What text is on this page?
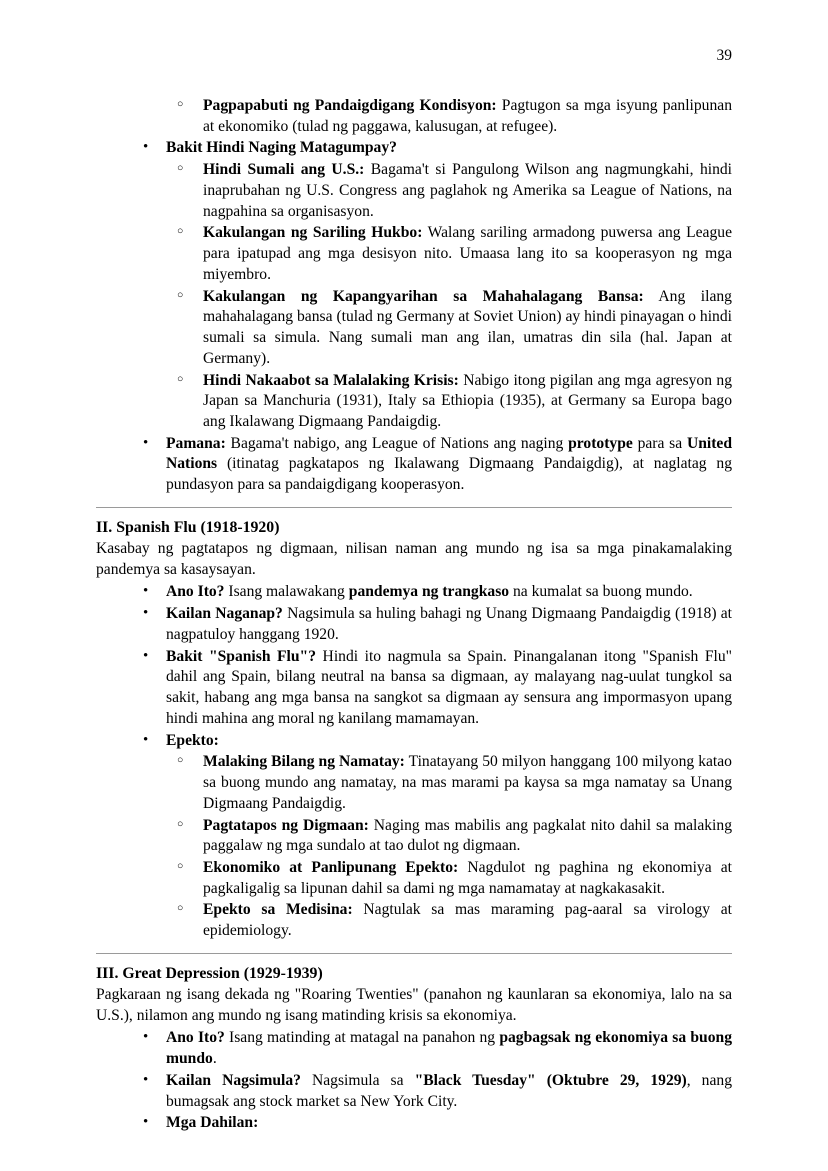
39
○ Pagpapabuti ng Pandaigdigang Kondisyon: Pagtugon sa mga isyung panlipunan at ekonomiko (tulad ng paggawa, kalusugan, at refugee).
• Bakit Hindi Naging Matagumpay?
○ Hindi Sumali ang U.S.: Bagama't si Pangulong Wilson ang nagmungkahi, hindi inaprubahan ng U.S. Congress ang paglahok ng Amerika sa League of Nations, na nagpahina sa organisasyon.
○ Kakulangan ng Sariling Hukbo: Walang sariling armadong puwersa ang League para ipatupad ang mga desisyon nito. Umaasa lang ito sa kooperasyon ng mga miyembro.
○ Kakulangan ng Kapangyarihan sa Mahahalagang Bansa: Ang ilang mahahalagang bansa (tulad ng Germany at Soviet Union) ay hindi pinayagan o hindi sumali sa simula. Nang sumali man ang ilan, umatras din sila (hal. Japan at Germany).
○ Hindi Nakaabot sa Malalaking Krisis: Nabigo itong pigilan ang mga agresyon ng Japan sa Manchuria (1931), Italy sa Ethiopia (1935), at Germany sa Europa bago ang Ikalawang Digmaang Pandaigdig.
• Pamana: Bagama't nabigo, ang League of Nations ang naging prototype para sa United Nations (itinatag pagkatapos ng Ikalawang Digmaang Pandaigdig), at naglatag ng pundasyon para sa pandaigdigang kooperasyon.
II. Spanish Flu (1918-1920)

Kasabay ng pagtatapos ng digmaan, nilisan naman ang mundo ng isa sa mga pinakamalaking pandemya sa kasaysayan.

• Ano Ito? Isang malawakang pandemya ng trangkaso na kumalat sa buong mundo.
• Kailan Naganap? Nagsimula sa huling bahagi ng Unang Digmaang Pandaigdig (1918) at nagpatuloy hanggang 1920.
• Bakit "Spanish Flu"? Hindi ito nagmula sa Spain. Pinangalanan itong "Spanish Flu" dahil ang Spain, bilang neutral na bansa sa digmaan, ay malayang nag-uulat tungkol sa sakit, habang ang mga bansa na sangkot sa digmaan ay sensura ang impormasyon upang hindi mahina ang moral ng kanilang mamamayan.
• Epekto:
○ Malaking Bilang ng Namatay: Tinatayang 50 milyon hanggang 100 milyong katao sa buong mundo ang namatay, na mas marami pa kaysa sa mga namatay sa Unang Digmaang Pandaigdig.
○ Pagtatapos ng Digmaan: Naging mas mabilis ang pagkalat nito dahil sa malaking paggalaw ng mga sundalo at tao dulot ng digmaan.
○ Ekonomiko at Panlipunang Epekto: Nagdulot ng paghina ng ekonomiya at pagkaligalig sa lipunan dahil sa dami ng mga namamatay at nagkakasakit.
○ Epekto sa Medisina: Nagtulak sa mas maraming pag-aaral sa virology at epidemiology.
III. Great Depression (1929-1939)

Pagkaraan ng isang dekada ng "Roaring Twenties" (panahon ng kaunlaran sa ekonomiya, lalo na sa U.S.), nilamon ang mundo ng isang matinding krisis sa ekonomiya.

• Ano Ito? Isang matinding at matagal na panahon ng pagbagsak ng ekonomiya sa buong mundo.
• Kailan Nagsimula? Nagsimula sa "Black Tuesday" (Oktubre 29, 1929), nang bumagsak ang stock market sa New York City.
• Mga Dahilan:
